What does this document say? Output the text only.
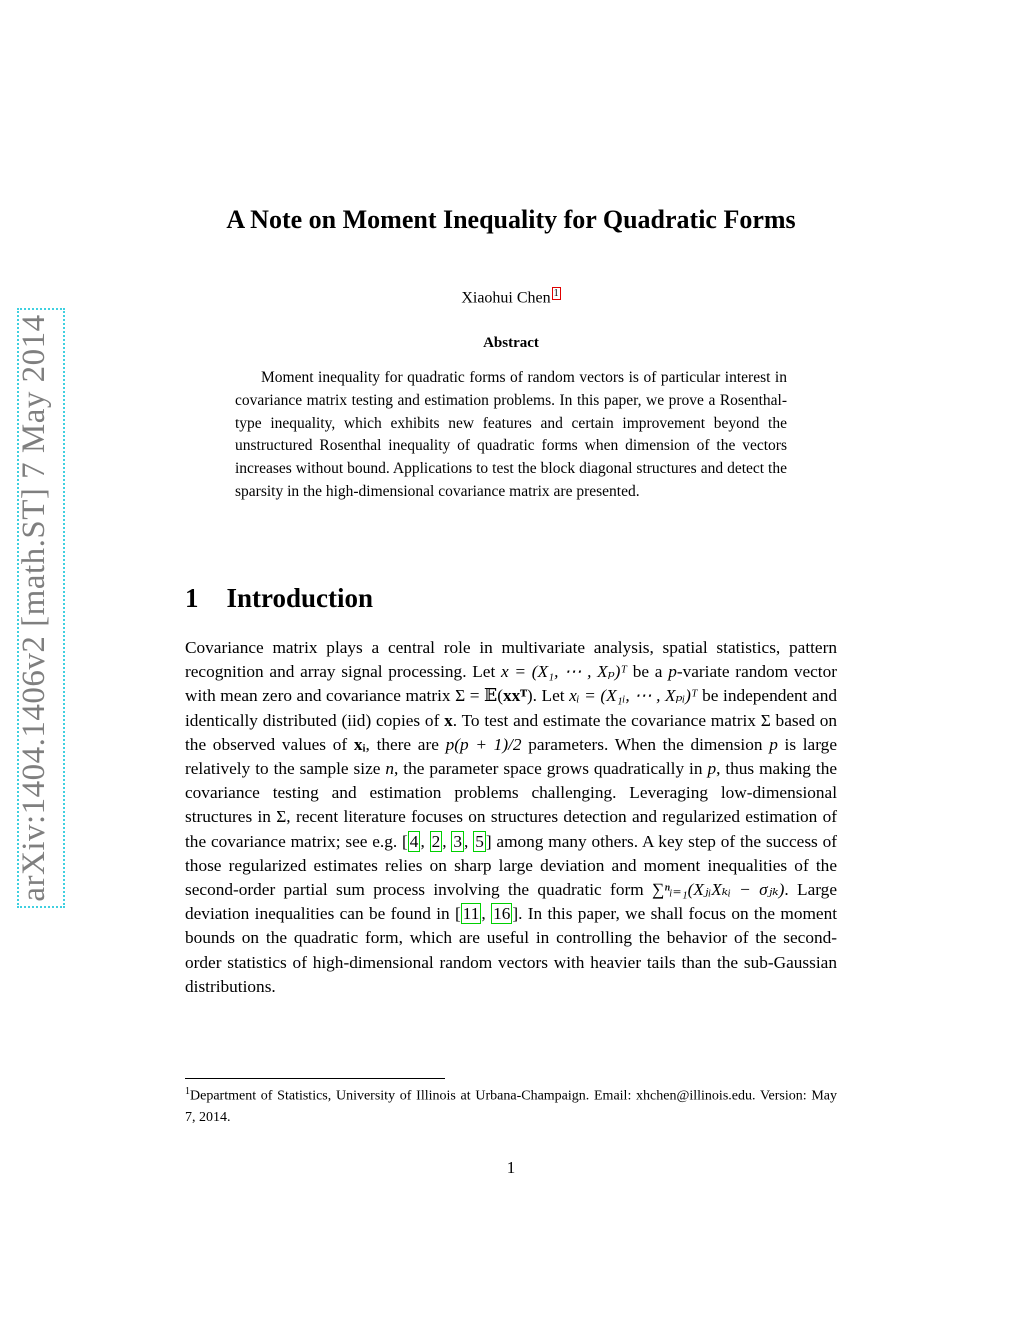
arXiv:1404.1406v2 [math.ST] 7 May 2014
A Note on Moment Inequality for Quadratic Forms
Xiaohui Chen 1
Abstract
Moment inequality for quadratic forms of random vectors is of particular interest in covariance matrix testing and estimation problems. In this paper, we prove a Rosenthal-type inequality, which exhibits new features and certain improvement beyond the unstructured Rosenthal inequality of quadratic forms when dimension of the vectors increases without bound. Applications to test the block diagonal structures and detect the sparsity in the high-dimensional covariance matrix are presented.
1 Introduction
Covariance matrix plays a central role in multivariate analysis, spatial statistics, pattern recognition and array signal processing. Let x = (X₁, ⋯ , Xₚ)ᵀ be a p-variate random vector with mean zero and covariance matrix Σ = 𝔼(xxᵀ). Let xᵢ = (X₁ᵢ, ⋯ , Xₚᵢ)ᵀ be independent and identically distributed (iid) copies of x. To test and estimate the covariance matrix Σ based on the observed values of xᵢ, there are p(p + 1)/2 parameters. When the dimension p is large relatively to the sample size n, the parameter space grows quadratically in p, thus making the covariance testing and estimation problems challenging. Leveraging low-dimensional structures in Σ, recent literature focuses on structures detection and regularized estimation of the covariance matrix; see e.g. [ 4 , 2 , 3 , 5 ] among many others. A key step of the success of those regularized estimates relies on sharp large deviation and moment inequalities of the second-order partial sum process involving the quadratic form ∑ⁿᵢ₌₁(XⱼᵢXₖᵢ − σⱼₖ). Large deviation inequalities can be found in [ 11 , 16 ]. In this paper, we shall focus on the moment bounds on the quadratic form, which are useful in controlling the behavior of the second-order statistics of high-dimensional random vectors with heavier tails than the sub-Gaussian distributions.
$^1$Department of Statistics, University of Illinois at Urbana-Champaign. Email: xhchen@illinois.edu. Version: May 7, 2014.
1
